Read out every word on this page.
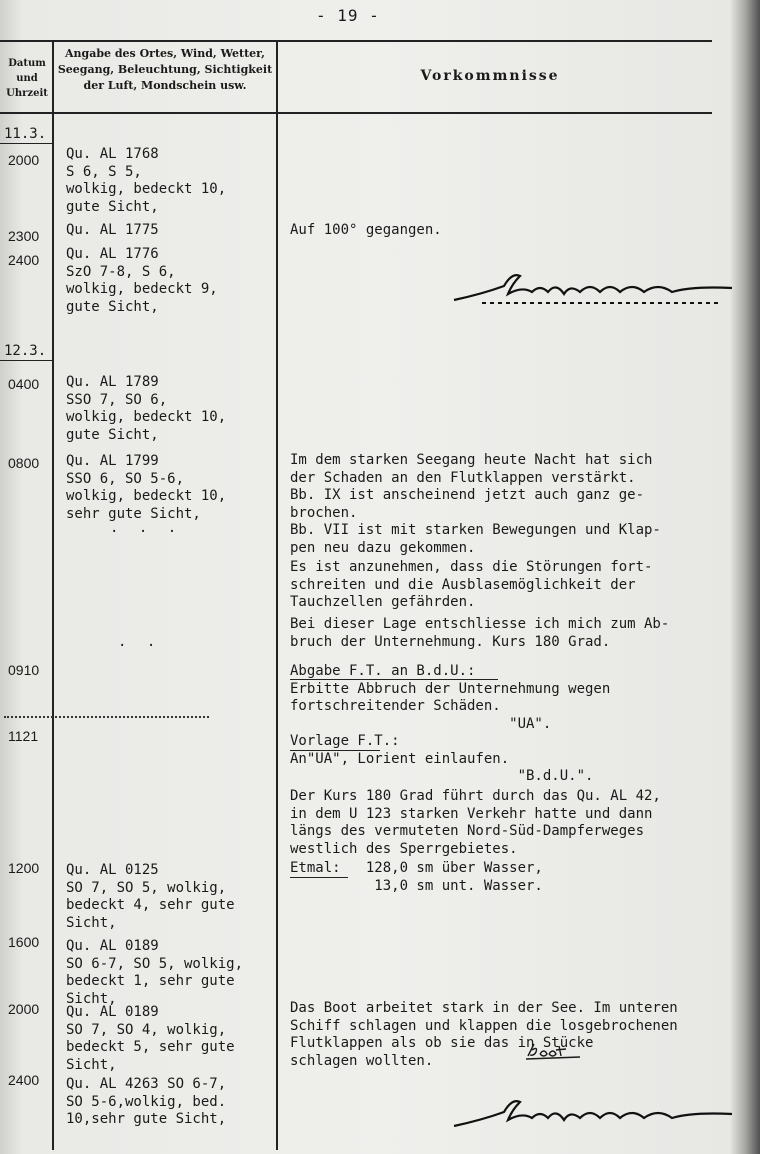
- 19 -
Datum und Uhrzeit
Angabe des Ortes, Wind, Wetter, Seegang, Beleuchtung, Sichtigkeit der Luft, Mondschein usw.
Vorkommnisse
11.3.
12.3.
2000
2300
2400
0400
0800
0910
1121
1200
1600
2000
2400
Qu. AL 1768
S 6, S 5,
wolkig, bedeckt 10,
gute Sicht,
Qu. AL 1775
Qu. AL 1776
SzO 7-8, S 6,
wolkig, bedeckt 9,
gute Sicht,
Qu. AL 1789
SSO 7, SO 6,
wolkig, bedeckt 10,
gute Sicht,
Qu. AL 1799
SSO 6, SO 5-6,
wolkig, bedeckt 10,
sehr gute Sicht,
Qu. AL 0125
SO 7, SO 5, wolkig,
bedeckt 4, sehr gute
Sicht,
Qu. AL 0189
SO 6-7, SO 5, wolkig,
bedeckt 1, sehr gute
Sicht,
Qu. AL 0189
SO 7, SO 4, wolkig,
bedeckt 5, sehr gute
Sicht,
Qu. AL 4263 SO 6-7,
SO 5-6,wolkig, bed.
10,sehr gute Sicht,
. . .
. .
Auf 100° gegangen.
Im dem starken Seegang heute Nacht hat sich
der Schaden an den Flutklappen verstärkt.
Bb. IX ist anscheinend jetzt auch ganz ge-
brochen.
Bb. VII ist mit starken Bewegungen und Klap-
pen neu dazu gekommen.
Es ist anzunehmen, dass die Störungen fort-
schreiten und die Ausblasemöglichkeit der
Tauchzellen gefährden.
Bei dieser Lage entschliesse ich mich zum Ab-
bruch der Unternehmung. Kurs 180 Grad.
Abgabe F.T. an B.d.U.:
Erbitte Abbruch der Unternehmung wegen
fortschreitender Schäden.
"UA".
Vorlage F.T.:
An"UA", Lorient einlaufen.
"B.d.U.".
Der Kurs 180 Grad führt durch das Qu. AL 42,
in dem U 123 starken Verkehr hatte und dann
längs des vermuteten Nord-Süd-Dampferweges
westlich des Sperrgebietes.
Etmal:   128,0 sm über Wasser,
13,0 sm unt. Wasser.
Das Boot arbeitet stark in der See. Im unteren
Schiff schlagen und klappen die losgebrochenen
Flutklappen als ob sie das in Stücke
schlagen wollten.
